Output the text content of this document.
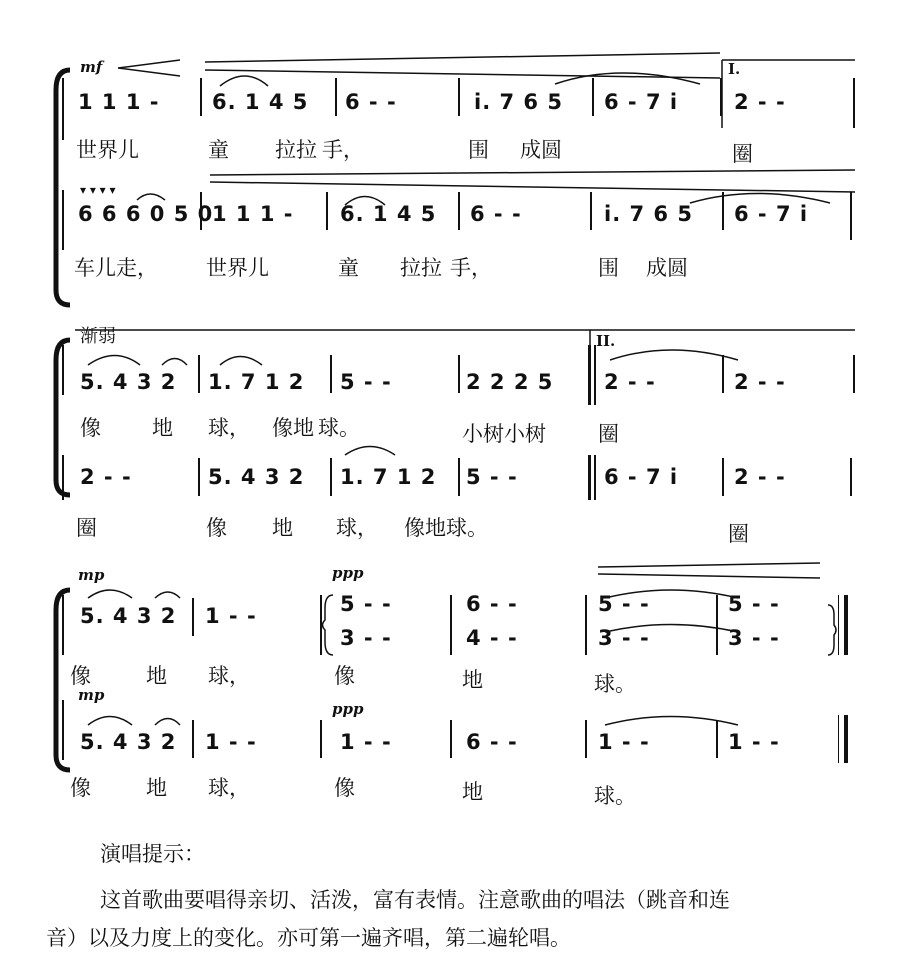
mf	I.
1 1 1 -	6. 1 4 5 6 - -	i. 7 6 5 6 - 7 i	2 - -
世界儿	童 拉拉 手，	围 成圆	圈
▾ ▾ ▾ ▾
6 6 6 0 5 0
1 1 1 - 6. 1 4 5 6 - -	i. 7 6 5 6 - 7 i
车儿走， 世界儿	童 拉拉 手，	围 成圆
渐弱	II.
5. 4 3 2 1. 7 1 2 5 - -	2 2 2 5 2 - -	2 - -
像 地 球， 像地 球。	小树小树 圈
2 - -	5. 4 3 2 1. 7 1 2 5 - -	6 - 7 i	2 - -
圈	像 地 球， 像地球。	圈
mp	ppp
5. 4 3 2 1 - -	5 - -	6 - -	5 - -	5 - -
3 - -	4 - -	3 - -	3 - -
像	地 球，	像	地	球。
mp
ppp
5. 4 3 2 1 - -	1 - -	6 - -	1 - -	1 - -
像	地 球，	像	地	球。
演唱提示：
这首歌曲要唱得亲切、活泼，富有表情。注意歌曲的唱法（跳音和连
音）以及力度上的变化。亦可第一遍齐唱，第二遍轮唱。
